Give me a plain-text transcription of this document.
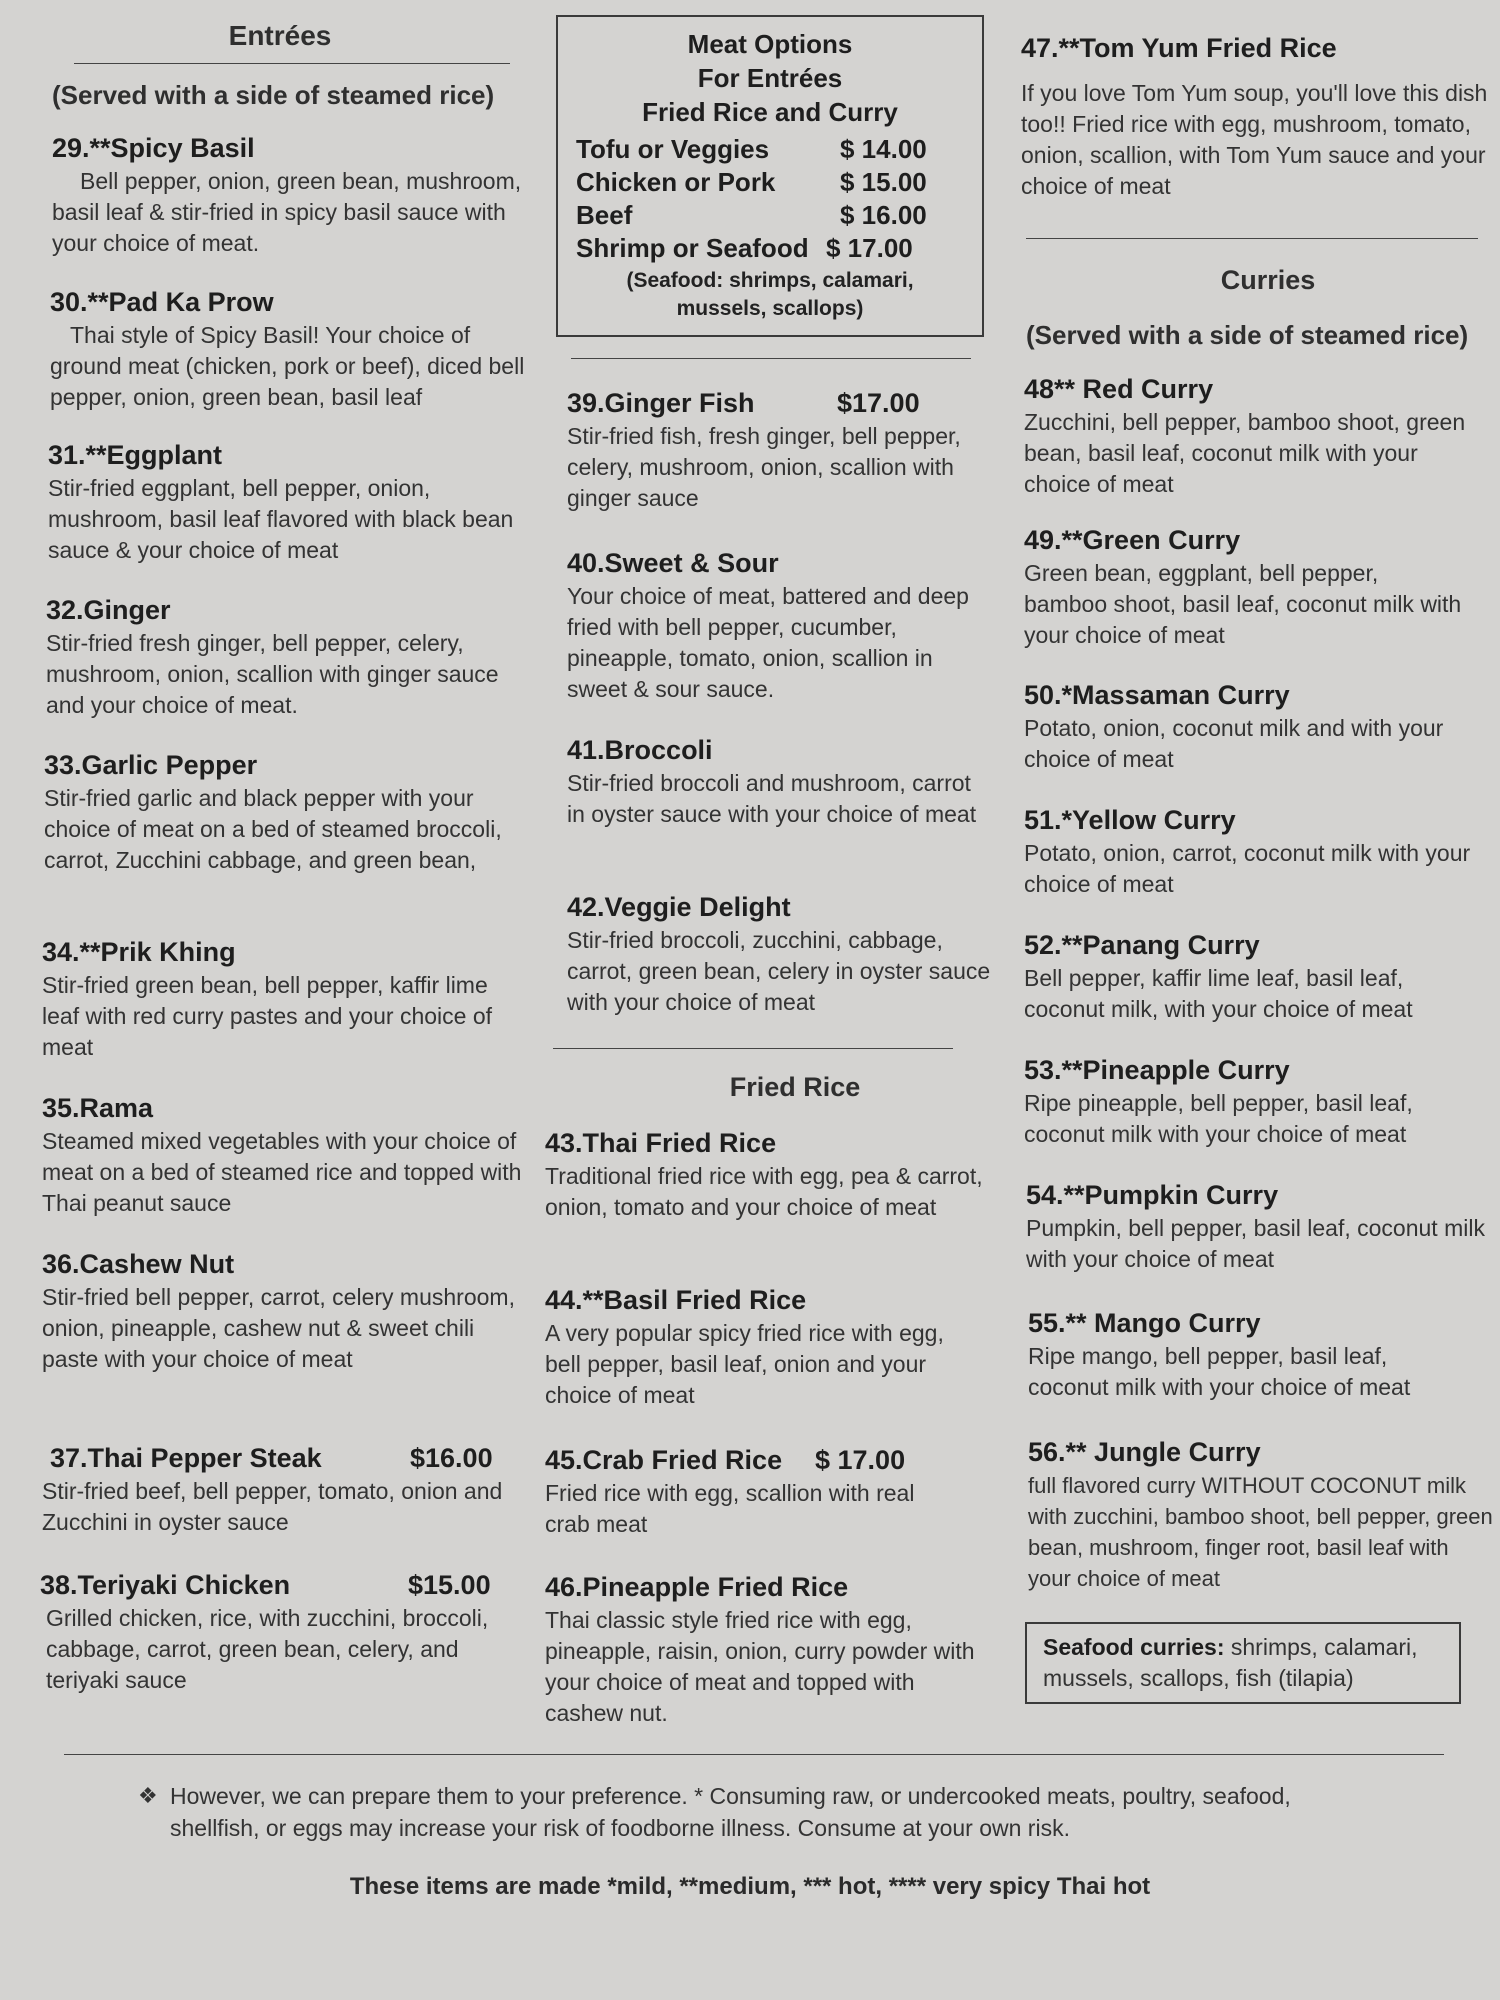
Entrées
(Served with a side of steamed rice)
29.**Spicy Basil
Bell pepper, onion, green bean, mushroom, basil leaf & stir-fried in spicy basil sauce with your choice of meat.
30.**Pad Ka Prow
Thai style of Spicy Basil! Your choice of ground meat (chicken, pork or beef), diced bell pepper, onion, green bean, basil leaf
31.**Eggplant
Stir-fried eggplant, bell pepper, onion, mushroom, basil leaf flavored with black bean sauce & your choice of meat
32.Ginger
Stir-fried fresh ginger, bell pepper, celery, mushroom, onion, scallion with ginger sauce and your choice of meat.
33.Garlic Pepper
Stir-fried garlic and black pepper with your choice of meat on a bed of steamed broccoli, carrot, Zucchini cabbage, and green bean,
34.**Prik Khing
Stir-fried green bean, bell pepper, kaffir lime leaf with red curry pastes and your choice of meat
35.Rama
Steamed mixed vegetables with your choice of meat on a bed of steamed rice and topped with Thai peanut sauce
36.Cashew Nut
Stir-fried bell pepper, carrot, celery mushroom, onion, pineapple, cashew nut & sweet chili paste with your choice of meat
37.Thai Pepper Steak	$16.00
Stir-fried beef, bell pepper, tomato, onion and Zucchini in oyster sauce
38.Teriyaki Chicken	$15.00
Grilled chicken, rice, with zucchini, broccoli, cabbage, carrot, green bean, celery, and teriyaki sauce
Meat Options
For Entrées
Fried Rice and Curry
Tofu or Veggies	$ 14.00
Chicken or Pork	$ 15.00
Beef	$ 16.00
Shrimp or Seafood $ 17.00
(Seafood: shrimps, calamari, mussels, scallops)
39.Ginger Fish	$17.00
Stir-fried fish, fresh ginger, bell pepper, celery, mushroom, onion, scallion with ginger sauce
40.Sweet & Sour
Your choice of meat, battered and deep fried with bell pepper, cucumber, pineapple, tomato, onion, scallion in sweet & sour sauce.
41.Broccoli
Stir-fried broccoli and mushroom, carrot in oyster sauce with your choice of meat
42.Veggie Delight
Stir-fried broccoli, zucchini, cabbage, carrot, green bean, celery in oyster sauce with your choice of meat
Fried Rice
43.Thai Fried Rice
Traditional fried rice with egg, pea & carrot, onion, tomato and your choice of meat
44.**Basil Fried Rice
A very popular spicy fried rice with egg, bell pepper, basil leaf, onion and your choice of meat
45.Crab Fried Rice	$ 17.00
Fried rice with egg, scallion with real crab meat
46.Pineapple Fried Rice
Thai classic style fried rice with egg, pineapple, raisin, onion, curry powder with your choice of meat and topped with cashew nut.
47.**Tom Yum Fried Rice
If you love Tom Yum soup, you'll love this dish too!! Fried rice with egg, mushroom, tomato, onion, scallion, with Tom Yum sauce and your choice of meat
Curries
(Served with a side of steamed rice)
48** Red Curry
Zucchini, bell pepper, bamboo shoot, green bean, basil leaf, coconut milk with your choice of meat
49.**Green Curry
Green bean, eggplant, bell pepper, bamboo shoot, basil leaf, coconut milk with your choice of meat
50.*Massaman Curry
Potato, onion, coconut milk and with your choice of meat
51.*Yellow Curry
Potato, onion, carrot, coconut milk with your choice of meat
52.**Panang Curry
Bell pepper, kaffir lime leaf, basil leaf, coconut milk, with your choice of meat
53.**Pineapple Curry
Ripe pineapple, bell pepper, basil leaf, coconut milk with your choice of meat
54.**Pumpkin Curry
Pumpkin, bell pepper, basil leaf, coconut milk with your choice of meat
55.** Mango Curry
Ripe mango, bell pepper, basil leaf, coconut milk with your choice of meat
56.** Jungle Curry
full flavored curry WITHOUT COCONUT milk with zucchini, bamboo shoot, bell pepper, green bean, mushroom, finger root, basil leaf with your choice of meat
Seafood curries: shrimps, calamari, mussels, scallops, fish (tilapia)
❖ However, we can prepare them to your preference. * Consuming raw, or undercooked meats, poultry, seafood, shellfish, or eggs may increase your risk of foodborne illness. Consume at your own risk.
These items are made *mild, **medium, *** hot, **** very spicy Thai hot
